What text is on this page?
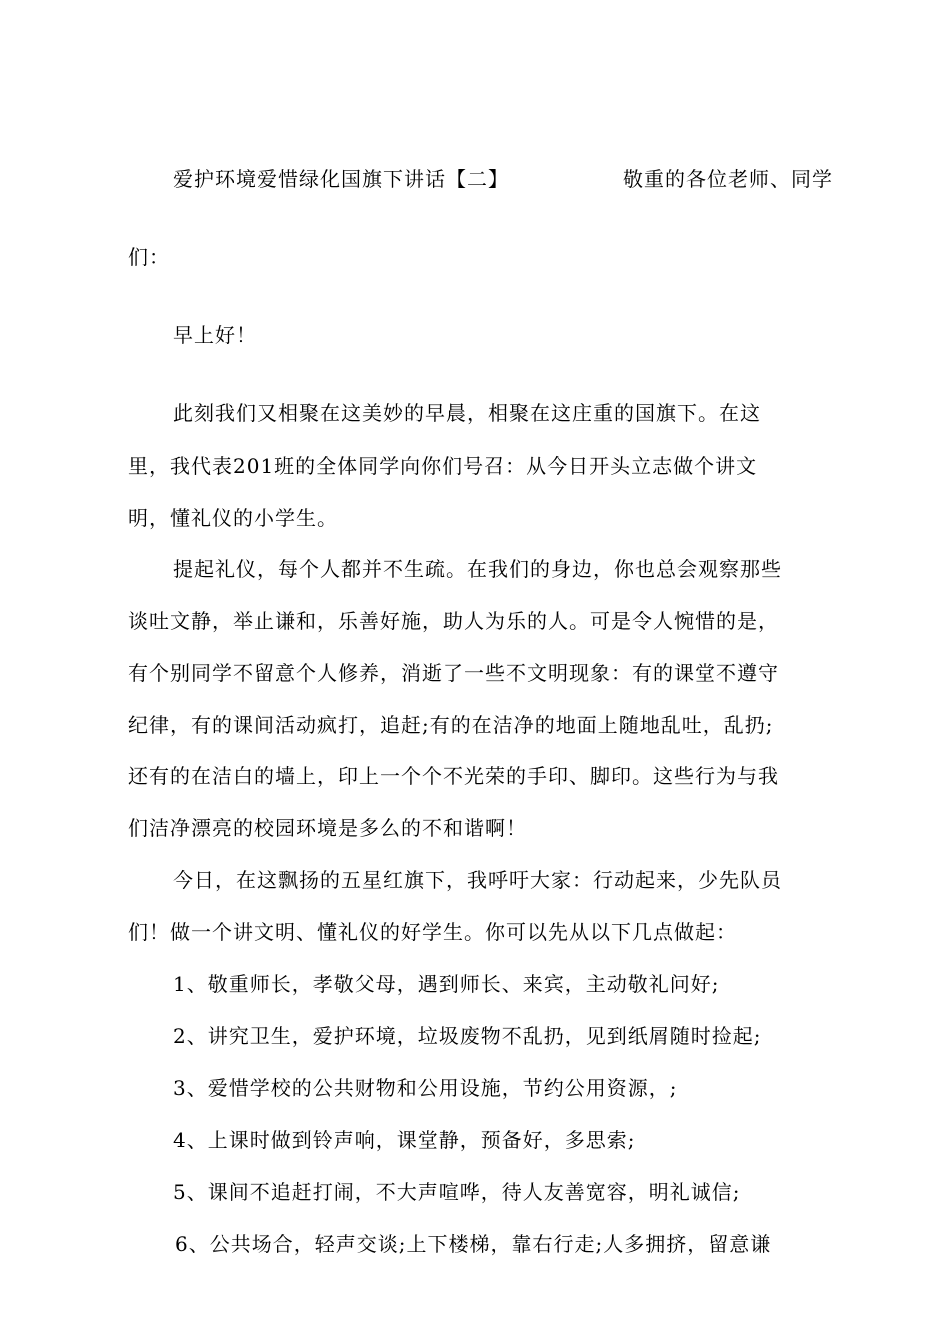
爱护环境爱惜绿化国旗下讲话【二】	敬重的各位老师、同学
们：
早上好！
此刻我们又相聚在这美妙的早晨，相聚在这庄重的国旗下。在这
里，我代表201班的全体同学向你们号召：从今日开头立志做个讲文
明，懂礼仪的小学生。
提起礼仪，每个人都并不生疏。在我们的身边，你也总会观察那些
谈吐文静，举止谦和，乐善好施，助人为乐的人。可是令人惋惜的是，
有个别同学不留意个人修养，消逝了一些不文明现象：有的课堂不遵守
纪律，有的课间活动疯打，追赶;有的在洁净的地面上随地乱吐，乱扔;
还有的在洁白的墙上，印上一个个不光荣的手印、脚印。这些行为与我
们洁净漂亮的校园环境是多么的不和谐啊！
今日，在这飘扬的五星红旗下，我呼吁大家：行动起来，少先队员
们！做一个讲文明、懂礼仪的好学生。你可以先从以下几点做起：
1、敬重师长，孝敬父母，遇到师长、来宾，主动敬礼问好;
2、讲究卫生，爱护环境，垃圾废物不乱扔，见到纸屑随时捡起;
3、爱惜学校的公共财物和公用设施，节约公用资源，;
4、上课时做到铃声响，课堂静，预备好，多思索;
5、课间不追赶打闹，不大声喧哗，待人友善宽容，明礼诚信;
6、公共场合，轻声交谈;上下楼梯，靠右行走;人多拥挤，留意谦
